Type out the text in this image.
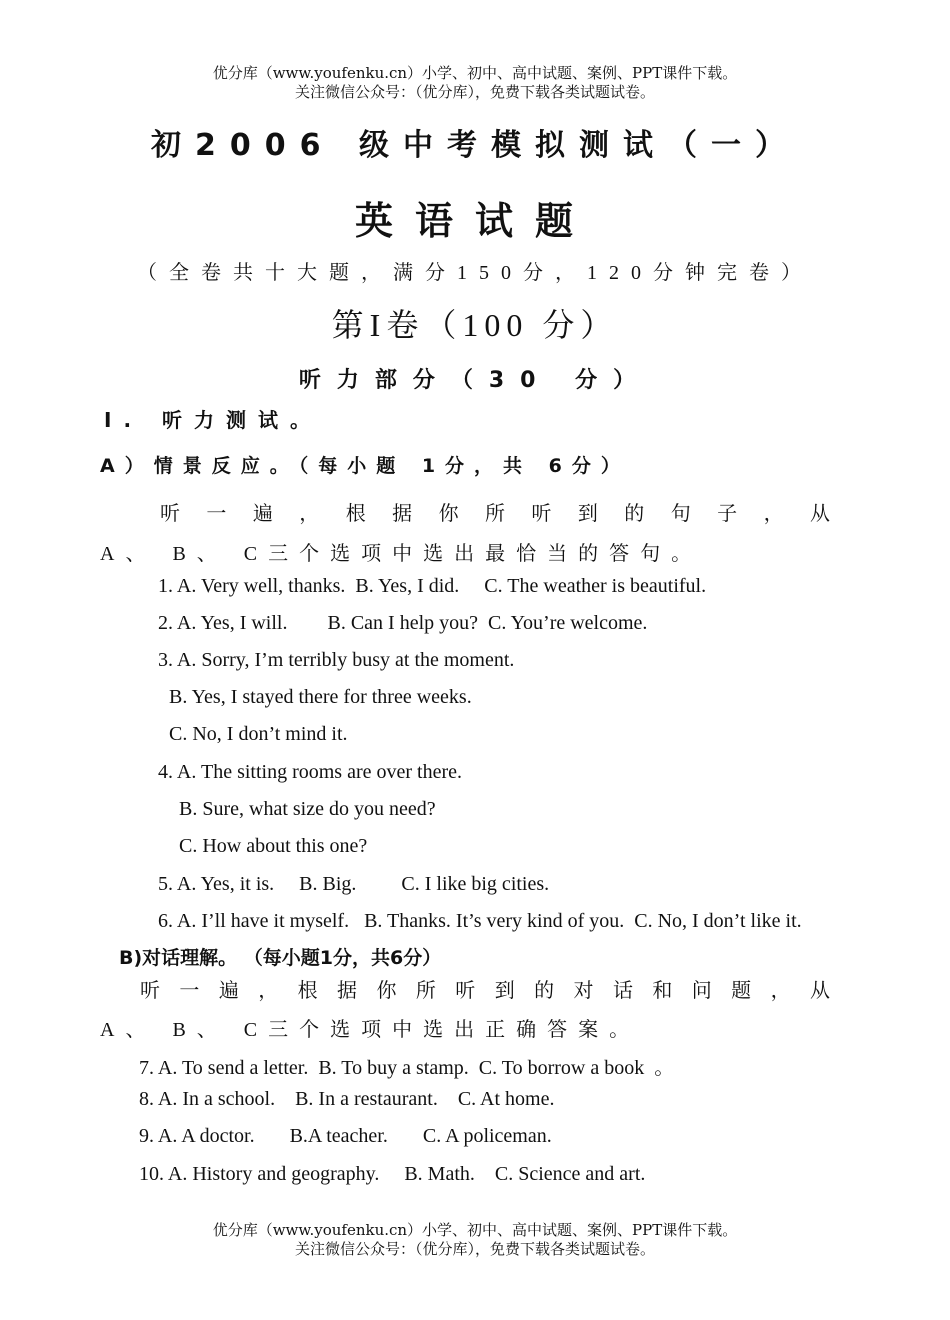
优分库（www.youfenku.cn）小学、初中、高中试题、案例、PPT课件下载。
关注微信公众号：（优分库），免费下载各类试题试卷。
初2006 级中考模拟测试（一）
英语试题
（全卷共十大题，满分150分，120分钟完卷）
第I卷（100 分）
听力部分（30 分）
Ⅰ. 听力测试。
A）情景反应。（每小题 1分，共 6分）
听一遍，根据你所听到的句子，从
A、 B、 C三个选项中选出最恰当的答句。
1. A. Very well, thanks.  B. Yes, I did.     C. The weather is beautiful.
2. A. Yes, I will.        B. Can I help you?  C. You’re welcome.
3. A. Sorry, I’m terribly busy at the moment.
B. Yes, I stayed there for three weeks.
C. No, I don’t mind it.
4. A. The sitting rooms are over there.
B. Sure, what size do you need?
C. How about this one?
5. A. Yes, it is.     B. Big.         C. I like big cities.
6. A. I’ll have it myself.   B. Thanks. It’s very kind of you.  C. No, I don’t like it.
B)对话理解。 （每小题1分，共6分）
听一遍，根据你所听到的对话和问题，从
A、 B、 C三个选项中选出正确答案。
7. A. To send a letter.  B. To buy a stamp.  C. To borrow a book  。
8. A. In a school.    B. In a restaurant.    C. At home.
9. A. A doctor.       B.A teacher.       C. A policeman.
10. A. History and geography.     B. Math.    C. Science and art.
优分库（www.youfenku.cn）小学、初中、高中试题、案例、PPT课件下载。
关注微信公众号：（优分库），免费下载各类试题试卷。
